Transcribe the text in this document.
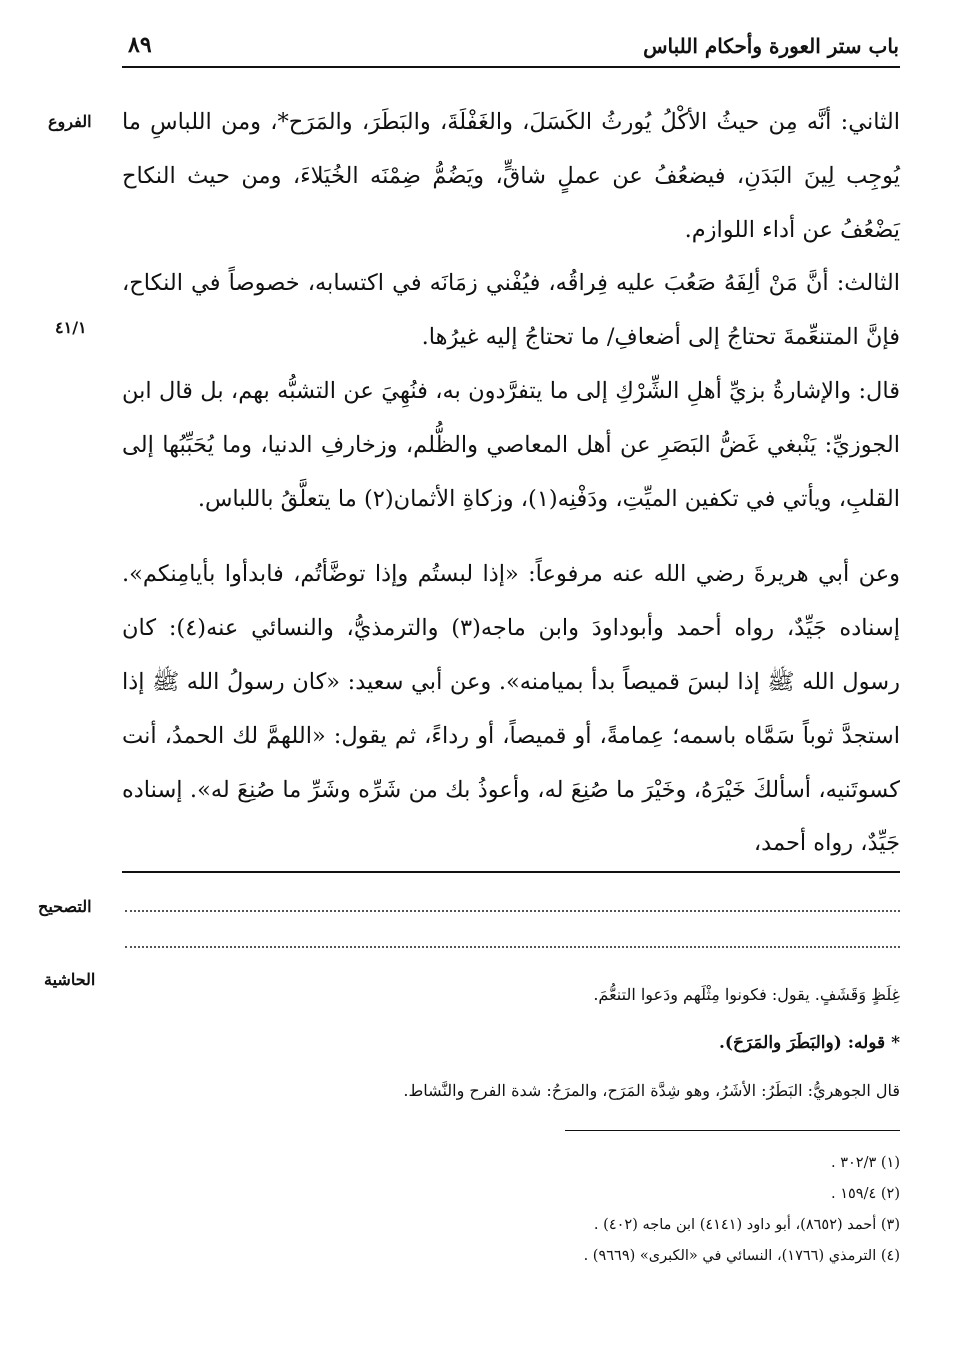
باب ستر العورة وأحكام اللباس
٨٩
الفروع
٤١/١
التصحيح
الحاشية

الثاني: أنَّه مِن حيثُ الأكْلُ يُورثُ الكَسَلَ، والغَفْلَةَ، والبَطَرَ، والمَرَح*، ومن اللباسِ ما يُوجِب لِينَ البَدَنِ، فيضعُفُ عن عملٍ شاقٍّ، ويَضُمُّ ضِمْنَه الخُيَلاءَ، ومن حيث النكاح يَضْعُفُ عن أداء اللوازم.

الثالث: أنَّ مَنْ ألِفَهُ صَعُبَ عليه فِراقُه، فيُفْني زمَانَه في اكتسابه، خصوصاً في النكاح، فإنَّ المتنعِّمةَ تحتاجُ إلى أضعافِ/ ما تحتاجُ إليه غيرُها.

قال: والإشارةُ بزيِّ أهلِ الشِّرْكِ إلى ما يتفرَّدون به، فنُهِيَ عن التشبُّه بهم، بل قال ابن الجوزيِّ: يَنْبغي غَضُّ البَصَرِ عن أهل المعاصي والظُّلم، وزخارفِ الدنيا، وما يُحَبِّبُها إلى القلبِ، ويأتي في تكفين الميِّتِ، ودَفْنِه(١)، وزكاةِ الأثمان(٢) ما يتعلَّقُ باللباس.

وعن أبي هريرةَ رضي الله عنه مرفوعاً: «إذا لبستُم وإذا توضَّأتُم، فابدأوا بأيامِنكم». إسناده جَيِّدٌ، رواه أحمد وأبوداودَ وابن ماجه(٣) والترمذيُّ، والنسائي عنه(٤): كان رسول الله ﷺ إذا لبسَ قميصاً بدأ بميامنه». وعن أبي سعيد: «كان رسولُ الله ﷺ إذا استجدَّ ثوباً سَمَّاه باسمه؛ عِمامةً، أو قميصاً، أو رداءً، ثم يقول: «اللهمَّ لك الحمدُ، أنت كسوتَنيه، أسألكَ خَيْرَهُ، وخَيْرَ ما صُنِعَ له، وأعوذُ بك من شَرِّه وشَرِّ ما صُنِعَ له». إسناده جَيِّدٌ، رواه أحمد،

غِلَظٍ وَقَشَفٍ. يقول: فكونوا مِثْلَهم ودَعوا التنعُّمَ.

* قوله: (والبَطَرَ والمَرَحَ).

قال الجوهريُّ: البَطَرُ: الأشَرُ، وهو شِدَّة المَرَح، والمرَحُ: شدة الفرح والنَّشاط.

(١) ٣٠٢/٣ .
(٢) ١٥٩/٤ .
(٣) أحمد (٨٦٥٢)، أبو داود (٤١٤١) ابن ماجه (٤٠٢) .
(٤) الترمذي (١٧٦٦)، النسائي في «الكبرى» (٩٦٦٩) .
